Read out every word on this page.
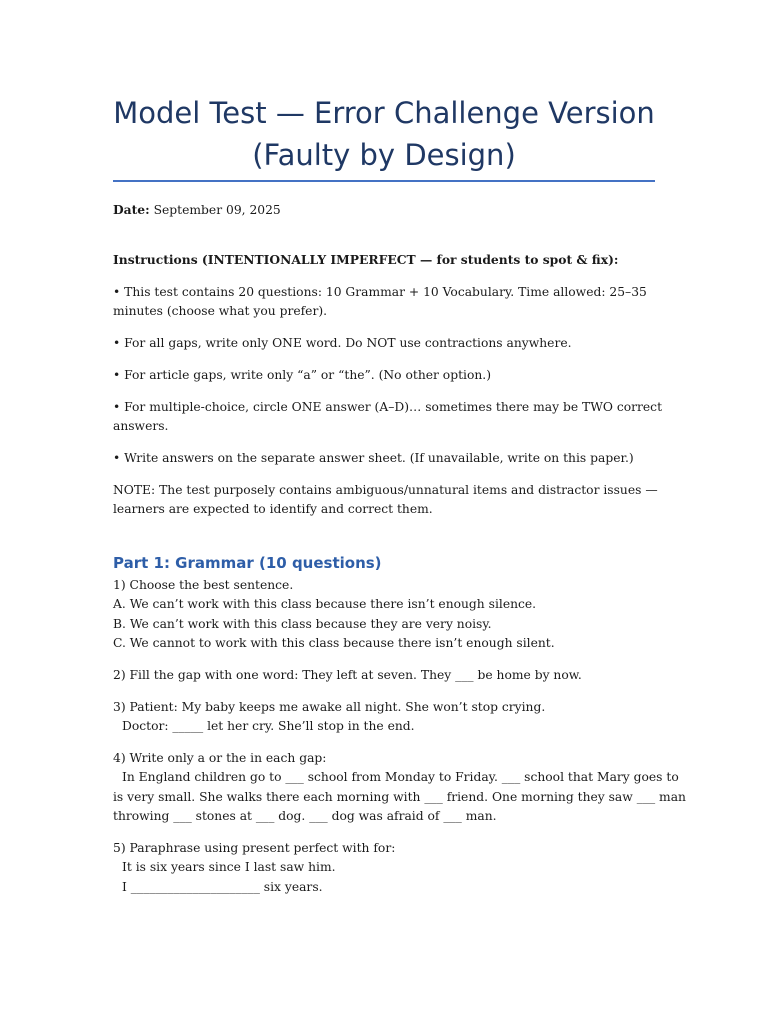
Model Test — Error Challenge Version
(Faulty by Design)
Date: September 09, 2025
Instructions (INTENTIONALLY IMPERFECT — for students to spot & fix):
• This test contains 20 questions: 10 Grammar + 10 Vocabulary. Time allowed: 25–35
minutes (choose what you prefer).
• For all gaps, write only ONE word. Do NOT use contractions anywhere.
• For article gaps, write only “a” or “the”. (No other option.)
• For multiple-choice, circle ONE answer (A–D)… sometimes there may be TWO correct
answers.
• Write answers on the separate answer sheet. (If unavailable, write on this paper.)
NOTE: The test purposely contains ambiguous/unnatural items and distractor issues —
learners are expected to identify and correct them.
Part 1: Grammar (10 questions)
1) Choose the best sentence.
A. We can’t work with this class because there isn’t enough silence.
B. We can’t work with this class because they are very noisy.
C. We cannot to work with this class because there isn’t enough silent.
2) Fill the gap with one word: They left at seven. They ___ be home by now.
3) Patient: My baby keeps me awake all night. She won’t stop crying.
Doctor: _____ let her cry. She’ll stop in the end.
4) Write only a or the in each gap:
In England children go to ___ school from Monday to Friday. ___ school that Mary goes to
is very small. She walks there each morning with ___ friend. One morning they saw ___ man
throwing ___ stones at ___ dog. ___ dog was afraid of ___ man.
5) Paraphrase using present perfect with for:
It is six years since I last saw him.
I _____________________ six years.
